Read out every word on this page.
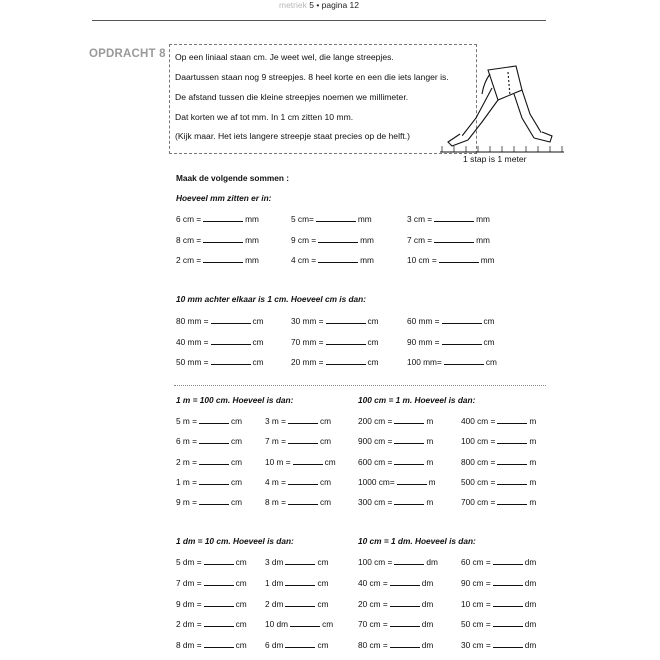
metriek 5 • pagina 12
OPDRACHT 8 Op een liniaal staan cm. Je weet wel, die lange streepjes.
Daartussen staan nog 9 streepjes. 8 heel korte en een die iets langer is.
De afstand tussen die kleine streepjes noemen we millimeter.
Dat korten we af tot mm. In 1 cm zitten 10 mm.
(Kijk maar. Het iets langere streepje staat precies op de helft.)
1 stap is 1 meter
Maak de volgende sommen :
Hoeveel mm zitten er in:
6 cm =	mm	5 cm=	mm	3 cm =	mm
8 cm =	mm	9 cm =	mm	7 cm =	mm
2 cm =	mm	4 cm =	mm	10 cm =	mm
10 mm achter elkaar is 1 cm. Hoeveel cm is dan:
80 mm =	cm	30 mm =	cm	60 mm =	cm
40 mm =	cm	70 mm =	cm	90 mm =	cm
50 mm =	cm	20 mm =	cm	100 mm=	cm
1 m = 100 cm. Hoeveel is dan:	100 cm = 1 m. Hoeveel is dan:
5 m =	cm	3 m =	cm	200 cm =	m	400 cm =	m
6 m =	cm	7 m =	cm	900 cm =	m	100 cm =	m
2 m =	cm	10 m =	cm	600 cm =	m	800 cm =	m
1 m =	cm	4 m =	cm	1000 cm=	m	500 cm =	m
9 m =	cm	8 m =	cm	300 cm =	m	700 cm =	m
1 dm = 10 cm. Hoeveel is dan:	10 cm = 1 dm. Hoeveel is dan:
5 dm =	cm 3 dm	cm	100 cm =	dm	60 cm =	dm
7 dm =	cm 1 dm	cm	40 cm =	dm	90 cm =	dm
9 dm =	cm 2 dm	cm	20 cm =	dm	10 cm =	dm
2 dm =	cm 10 dm	cm	70 cm =	dm	50 cm =	dm
8 dm =	cm 6 dm	cm	80 cm =	dm	30 cm =	dm
